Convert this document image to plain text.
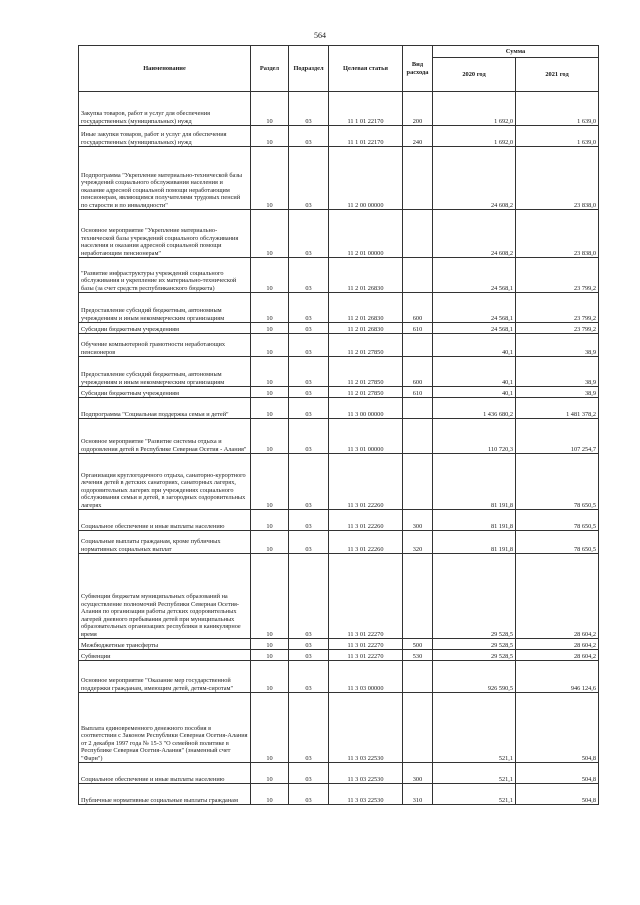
564
Наименование	Раздел	Подраздел	Целевая статья	Вид расхода	Сумма	
					2020 год	2021 год
Закупка товаров, работ и услуг для обеспечения государственных (муниципальных) нужд	10	03	11 1 01 22170	200	1 692,0	1 639,0
Иные закупки товаров, работ и услуг для обеспечения государственных (муниципальных) нужд	10	03	11 1 01 22170	240	1 692,0	1 639,0
Подпрограмма "Укрепление материально-технической базы учреждений социального обслуживания населения и оказание адресной социальной помощи неработающим пенсионерам, являющимся получателями трудовых пенсий по старости и по инвалидности"	10	03	11 2 00 00000		24 608,2	23 838,0
Основное мероприятие "Укрепление материально-технической базы учреждений социального обслуживания населения и оказания адресной социальной помощи неработающим пенсионерам"	10	03	11 2 01 00000		24 608,2	23 838,0
"Развитие инфраструктуры учреждений социального обслуживания и укрепление их материально-технической базы (за счет средств республиканского бюджета)	10	03	11 2 01 26830		24 568,1	23 799,2
Предоставление субсидий бюджетным, автономным учреждениям и иным некоммерческим организациям	10	03	11 2 01 26830	600	24 568,1	23 799,2
Субсидии бюджетным учреждениям	10	03	11 2 01 26830	610	24 568,1	23 799,2
Обучение компьютерной грамотности неработающих пенсионеров	10	03	11 2 01 27850		40,1	38,9
Предоставление субсидий бюджетным, автономным учреждениям и иным некоммерческим организациям	10	03	11 2 01 27850	600	40,1	38,9
Субсидии бюджетным учреждениям	10	03	11 2 01 27850	610	40,1	38,9
Подпрограмма "Социальная поддержка семьи и детей"	10	03	11 3 00 00000		1 436 680,2	1 481 378,2
Основное мероприятие "Развитие системы отдыха и оздоровления детей в Республике Северная Осетия - Алания"	10	03	11 3 01 00000		110 720,3	107 254,7
Организация круглогодичного отдыха, санаторно-курортного лечения детей в детских санаториях, санаторных лагерях, оздоровительных лагерях при учреждениях социального обслуживания семьи и детей, в загородных оздоровительных лагерях	10	03	11 3 01 22260		81 191,8	78 650,5
Социальное обеспечение и иные выплаты населению	10	03	11 3 01 22260	300	81 191,8	78 650,5
Социальные выплаты гражданам, кроме публичных нормативных социальных выплат	10	03	11 3 01 22260	320	81 191,8	78 650,5
Субвенции бюджетам муниципальных образований на осуществление полномочий Республики Северная Осетия-Алания по организации работы детских оздоровительных лагерей дневного пребывания детей при муниципальных образовательных организациях республики в каникулярное время	10	03	11 3 01 22270		29 528,5	28 604,2
Межбюджетные трансферты	10	03	11 3 01 22270	500	29 528,5	28 604,2
Субвенции	10	03	11 3 01 22270	530	29 528,5	28 604,2
Основное мероприятие "Оказание мер государственной поддержки гражданам, имеющим детей, детям-сиротам"	10	03	11 3 03 00000		926 590,5	946 124,6
Выплата единовременного денежного пособия в соответствии с Законом Республики Северная Осетия-Алания от 2 декабря 1997 года № 15-3 "О семейной политике в Республике Северная Осетия-Алания" (знаменный счет "Фарн")	10	03	11 3 03 22530		521,1	504,8
Социальное обеспечение и иные выплаты населению	10	03	11 3 03 22530	300	521,1	504,8
Публичные нормативные социальные выплаты гражданам	10	03	11 3 03 22530	310	521,1	504,8
